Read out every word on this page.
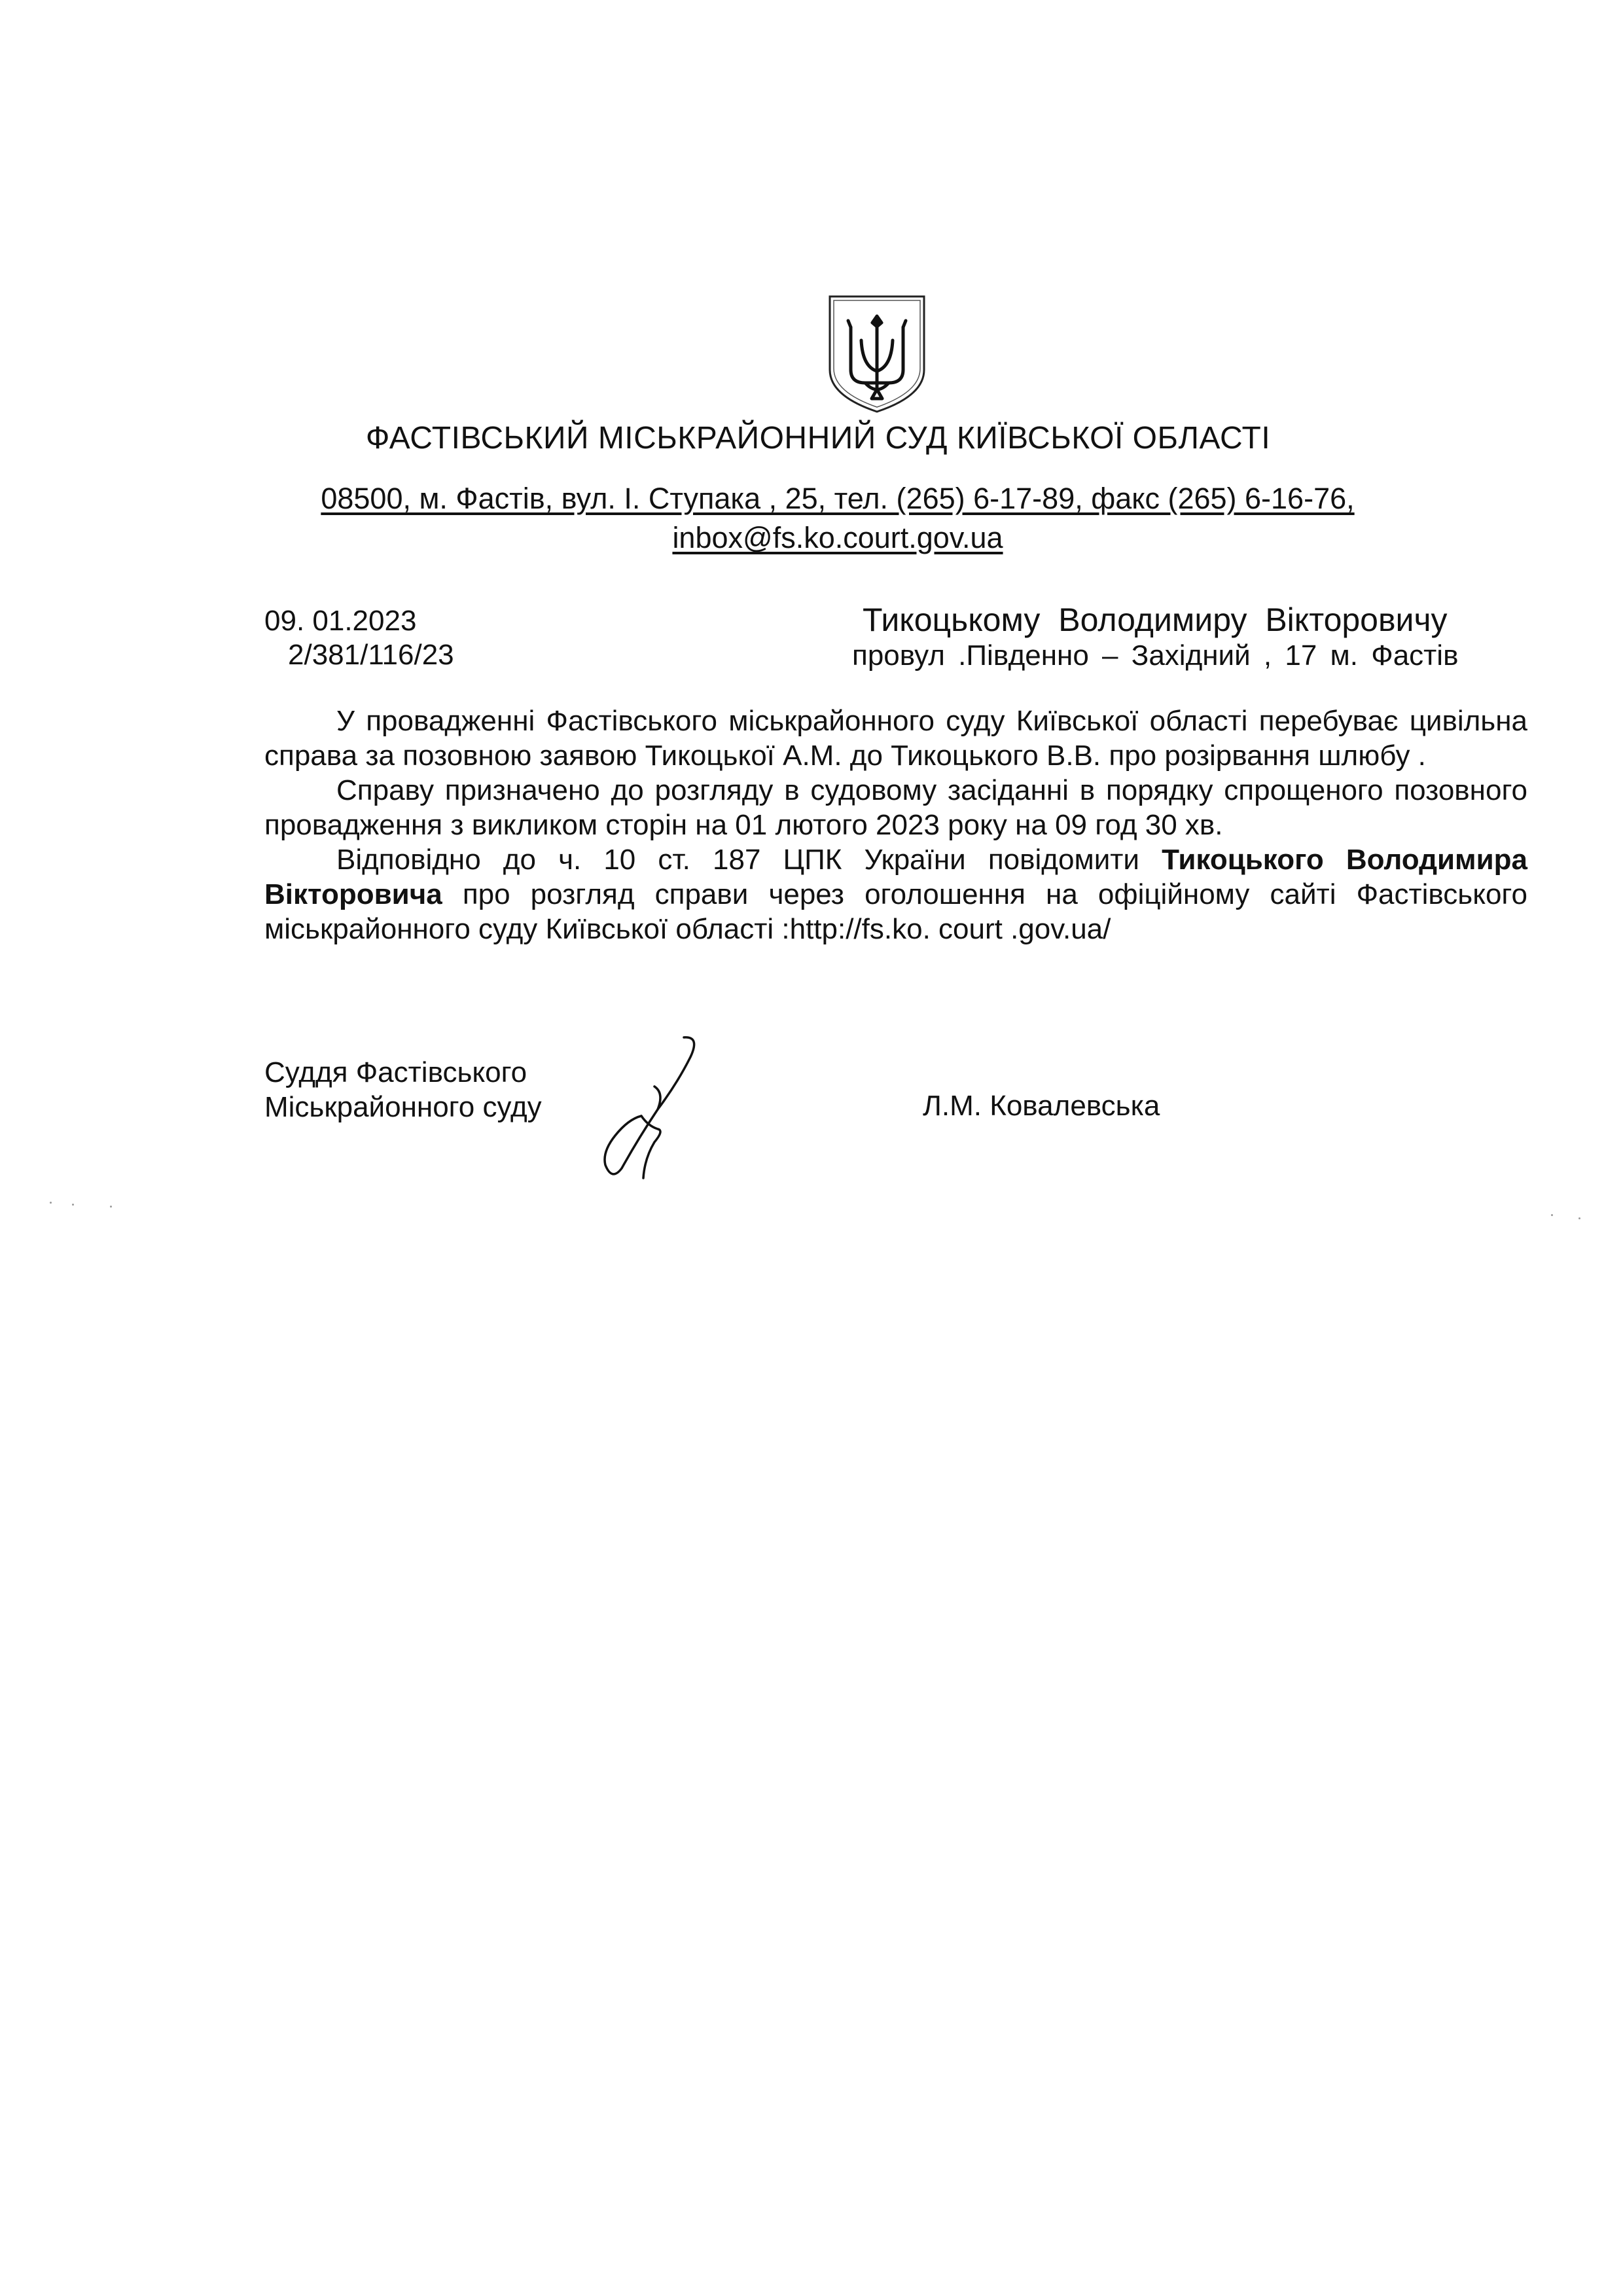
ФАСТІВСЬКИЙ МІСЬКРАЙОННИЙ СУД КИЇВСЬКОЇ ОБЛАСТІ
08500, м. Фастів, вул. І. Ступака , 25, тел. (265) 6-17-89, факс (265) 6-16-76,
inbox@fs.ko.court.gov.ua
09. 01.2023
2/381/116/23
Тикоцькому Володимиру Вікторовичу
провул .Південно – Західний , 17 м. Фастів

У провадженні Фастівського міськрайонного суду Київської області перебуває цивільна справа за позовною заявою Тикоцької А.М. до Тикоцького В.В. про розірвання шлюбу .

Справу призначено до розгляду в судовому засіданні в порядку спрощеного позовного провадження з викликом сторін на 01 лютого 2023 року на 09 год 30 хв.

Відповідно до ч. 10 ст. 187 ЦПК України повідомити Тикоцького Володимира Вікторовича про розгляд справи через оголошення на офіційному сайті Фастівського міськрайонного суду Київської області :http://fs.ko. court .gov.ua/

Суддя Фастівського
Міськрайонного суду	Л.М. Ковалевська
